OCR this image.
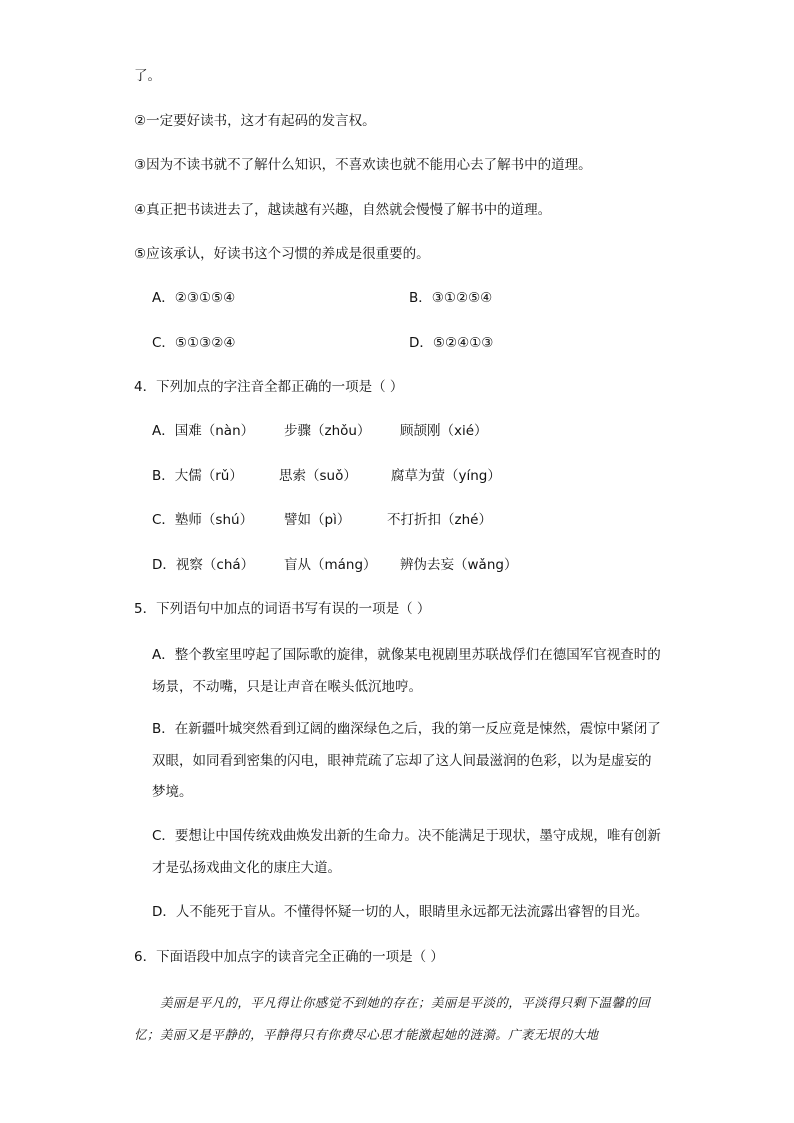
了。
②一定要好读书，这才有起码的发言权。
③因为不读书就不了解什么知识，不喜欢读也就不能用心去了解书中的道理。
④真正把书读进去了，越读越有兴趣，自然就会慢慢了解书中的道理。
⑤应该承认，好读书这个习惯的养成是很重要的。
A．②③①⑤④	B．③①②⑤④
C．⑤①③②④	D．⑤②④①③
4．下列加点的字注音全都正确的一项是（ ）
A．国难（nàn） 步骤（zhǒu） 顾颉刚（xié）
B．大儒（rǔ）	思索（suǒ）	腐草为萤（yíng）
C．塾师（shú） 譬如（pì）	不打折扣（zhé）
D．视察（chá） 盲从（máng） 辨伪去妄（wǎng）
5．下列语句中加点的词语书写有误的一项是（ ）
A．整个教室里哼起了国际歌的旋律，就像某电视剧里苏联战俘们在德国军官视查时的场景，不动嘴，只是让声音在喉头低沉地哼。
B．在新疆叶城突然看到辽阔的幽深绿色之后，我的第一反应竟是悚然，震惊中紧闭了双眼，如同看到密集的闪电，眼神荒疏了忘却了这人间最滋润的色彩，以为是虚妄的梦境。
C．要想让中国传统戏曲焕发出新的生命力。决不能满足于现状，墨守成规，唯有创新才是弘扬戏曲文化的康庄大道。
D．人不能死于盲从。不懂得怀疑一切的人，眼睛里永远都无法流露出睿智的目光。
6．下面语段中加点字的读音完全正确的一项是（ ）
美丽是平凡的，平凡得让你感觉不到她的存在；美丽是平淡的，平淡得只剩下温馨的回忆；美丽又是平静的，平静得只有你费尽心思才能激起她的涟漪。广袤无垠的大地
